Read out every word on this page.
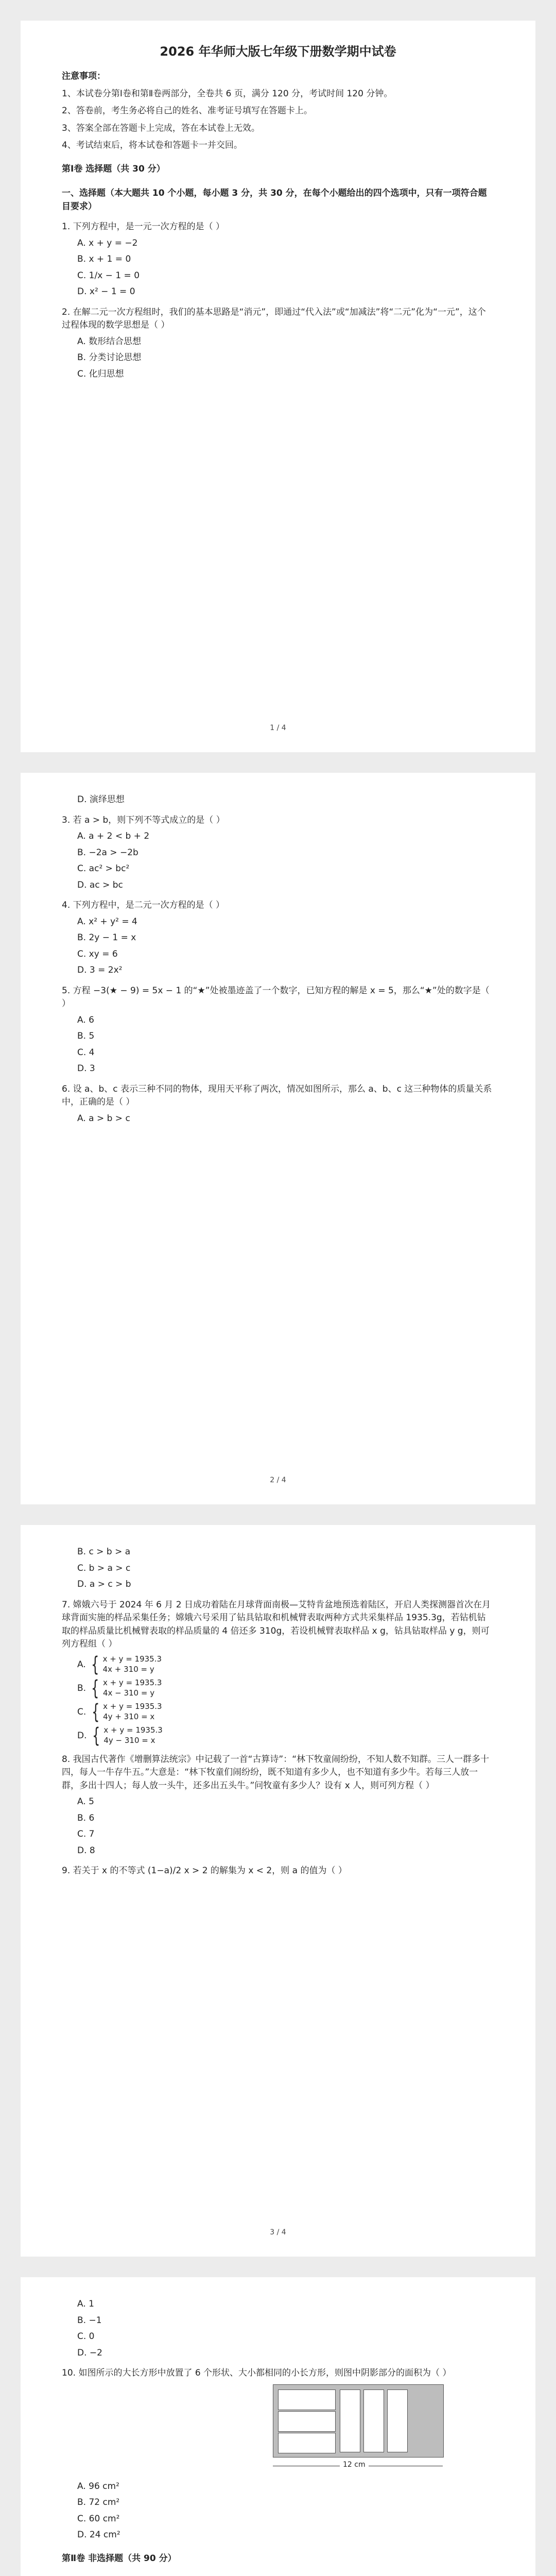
2026 年华师大版七年级下册数学期中试卷
注意事项：
1、本试卷分第Ⅰ卷和第Ⅱ卷两部分，全卷共 6 页，满分 120 分，考试时间 120 分钟。
2、答卷前，考生务必将自己的姓名、准考证号填写在答题卡上。
3、答案全部在答题卡上完成，答在本试卷上无效。
4、考试结束后，将本试卷和答题卡一并交回。
第Ⅰ卷 选择题（共 30 分）
一、选择题（本大题共 10 个小题，每小题 3 分，共 30 分，在每个小题给出的四个选项中，只有一项符合题目要求）
1. 下列方程中，是一元一次方程的是（ ）
A. x + y = −2
B. x + 1 = 0
C. 1/x − 1 = 0
D. x² − 1 = 0
2. 在解二元一次方程组时，我们的基本思路是“消元”，即通过“代入法”或“加减法”将“二元”化为“一元”，这个过程体现的数学思想是（ ）
A. 数形结合思想
B. 分类讨论思想
C. 化归思想
1 / 4
D. 演绎思想
3. 若 a > b，则下列不等式成立的是（ ）
A. a + 2 < b + 2
B. −2a > −2b
C. ac² > bc²
D. ac > bc
4. 下列方程中，是二元一次方程的是（ ）
A. x² + y² = 4
B. 2y − 1 = x
C. xy = 6
D. 3 = 2x²
5. 方程 −3(★ − 9) = 5x − 1 的“★”处被墨迹盖了一个数字，已知方程的解是 x = 5，那么“★”处的数字是（ ）
A. 6
B. 5
C. 4
D. 3
6. 设 a、b、c 表示三种不同的物体，现用天平称了两次，情况如图所示，那么 a、b、c 这三种物体的质量关系中，正确的是（ ）
A. a > b > c
2 / 4
B. c > b > a
C. b > a > c
D. a > c > b
7. 嫦娥六号于 2024 年 6 月 2 日成功着陆在月球背面南极—艾特肯盆地预选着陆区，开启人类探测器首次在月球背面实施的样品采集任务；嫦娥六号采用了钻具钻取和机械臂表取两种方式共采集样品 1935.3g，若钻机钻取的样品质量比机械臂表取的样品质量的 4 倍还多 310g，若设机械臂表取样品 x g，钻具钻取样品 y g，则可列方程组（ ）
A. { x + y = 1935.3
4x + 310 = y
B. { x + y = 1935.3
4x − 310 = y
C. { x + y = 1935.3
4y + 310 = x
D. { x + y = 1935.3
4y − 310 = x
8. 我国古代著作《增删算法统宗》中记载了一首“古算诗”：“林下牧童闹纷纷，不知人数不知群。三人一群多十四，每人一牛存牛五。”大意是：“林下牧童们闹纷纷，既不知道有多少人，也不知道有多少牛。若每三人放一群，多出十四人；每人放一头牛，还多出五头牛。”问牧童有多少人？设有 x 人，则可列方程（ ）
A. 5
B. 6
C. 7
D. 8
9. 若关于 x 的不等式 (1−a)/2 x > 2 的解集为 x < 2，则 a 的值为（ ）
3 / 4
A. 1
B. −1
C. 0
D. −2
10. 如图所示的大长方形中放置了 6 个形状、大小都相同的小长方形，则图中阴影部分的面积为（ ）
12 cm
A. 96 cm²
B. 72 cm²
C. 60 cm²
D. 24 cm²
第Ⅱ卷 非选择题（共 90 分）
